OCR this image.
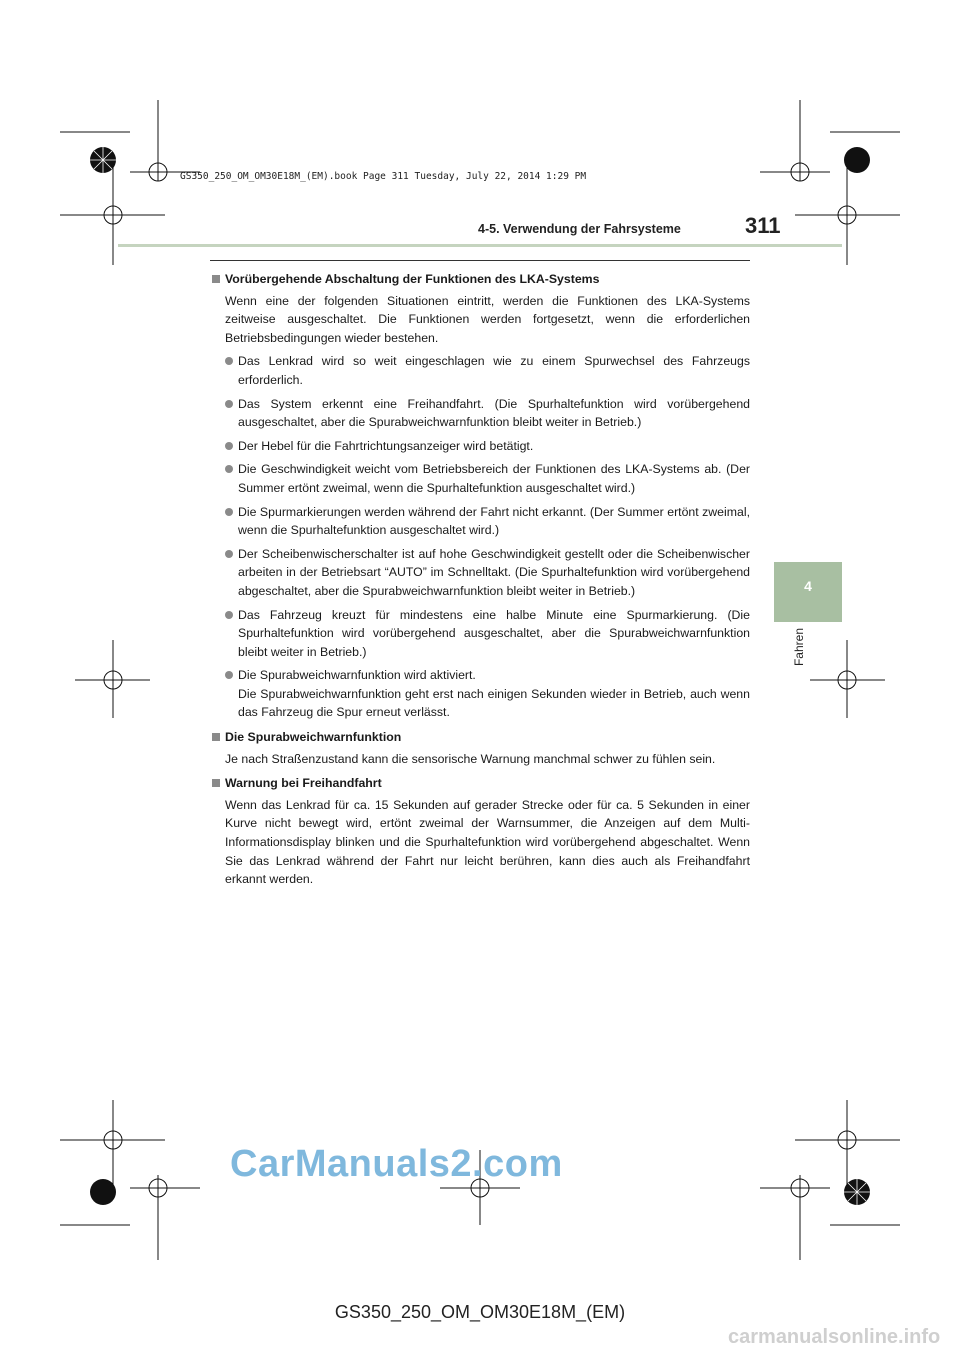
GS350_250_OM_OM30E18M_(EM).book Page 311 Tuesday, July 22, 2014 1:29 PM
4-5. Verwendung der Fahrsysteme	311
4
Fahren
Vorübergehende Abschaltung der Funktionen des LKA-Systems
Wenn eine der folgenden Situationen eintritt, werden die Funktionen des LKA-Systems zeitweise ausgeschaltet. Die Funktionen werden fortgesetzt, wenn die erforderlichen Betriebsbedingungen wieder bestehen.
Das Lenkrad wird so weit eingeschlagen wie zu einem Spurwechsel des Fahrzeugs erforderlich.
Das System erkennt eine Freihandfahrt. (Die Spurhaltefunktion wird vorübergehend ausgeschaltet, aber die Spurabweichwarnfunktion bleibt weiter in Betrieb.)
Der Hebel für die Fahrtrichtungsanzeiger wird betätigt.
Die Geschwindigkeit weicht vom Betriebsbereich der Funktionen des LKA-Systems ab. (Der Summer ertönt zweimal, wenn die Spurhaltefunktion ausgeschaltet wird.)
Die Spurmarkierungen werden während der Fahrt nicht erkannt. (Der Summer ertönt zweimal, wenn die Spurhaltefunktion ausgeschaltet wird.)
Der Scheibenwischerschalter ist auf hohe Geschwindigkeit gestellt oder die Scheibenwischer arbeiten in der Betriebsart “AUTO” im Schnelltakt. (Die Spurhaltefunktion wird vorübergehend abgeschaltet, aber die Spurabweichwarnfunktion bleibt weiter in Betrieb.)
Das Fahrzeug kreuzt für mindestens eine halbe Minute eine Spurmarkierung. (Die Spurhaltefunktion wird vorübergehend ausgeschaltet, aber die Spurabweichwarnfunktion bleibt weiter in Betrieb.)
Die Spurabweichwarnfunktion wird aktiviert.
Die Spurabweichwarnfunktion geht erst nach einigen Sekunden wieder in Betrieb, auch wenn das Fahrzeug die Spur erneut verlässt.
Die Spurabweichwarnfunktion
Je nach Straßenzustand kann die sensorische Warnung manchmal schwer zu fühlen sein.
Warnung bei Freihandfahrt
Wenn das Lenkrad für ca. 15 Sekunden auf gerader Strecke oder für ca. 5 Sekunden in einer Kurve nicht bewegt wird, ertönt zweimal der Warnsummer, die Anzeigen auf dem Multi-Informationsdisplay blinken und die Spurhaltefunktion wird vorübergehend abgeschaltet. Wenn Sie das Lenkrad während der Fahrt nur leicht berühren, kann dies auch als Freihandfahrt erkannt werden.
CarManuals2.com
GS350_250_OM_OM30E18M_(EM)
carmanualsonline.info
